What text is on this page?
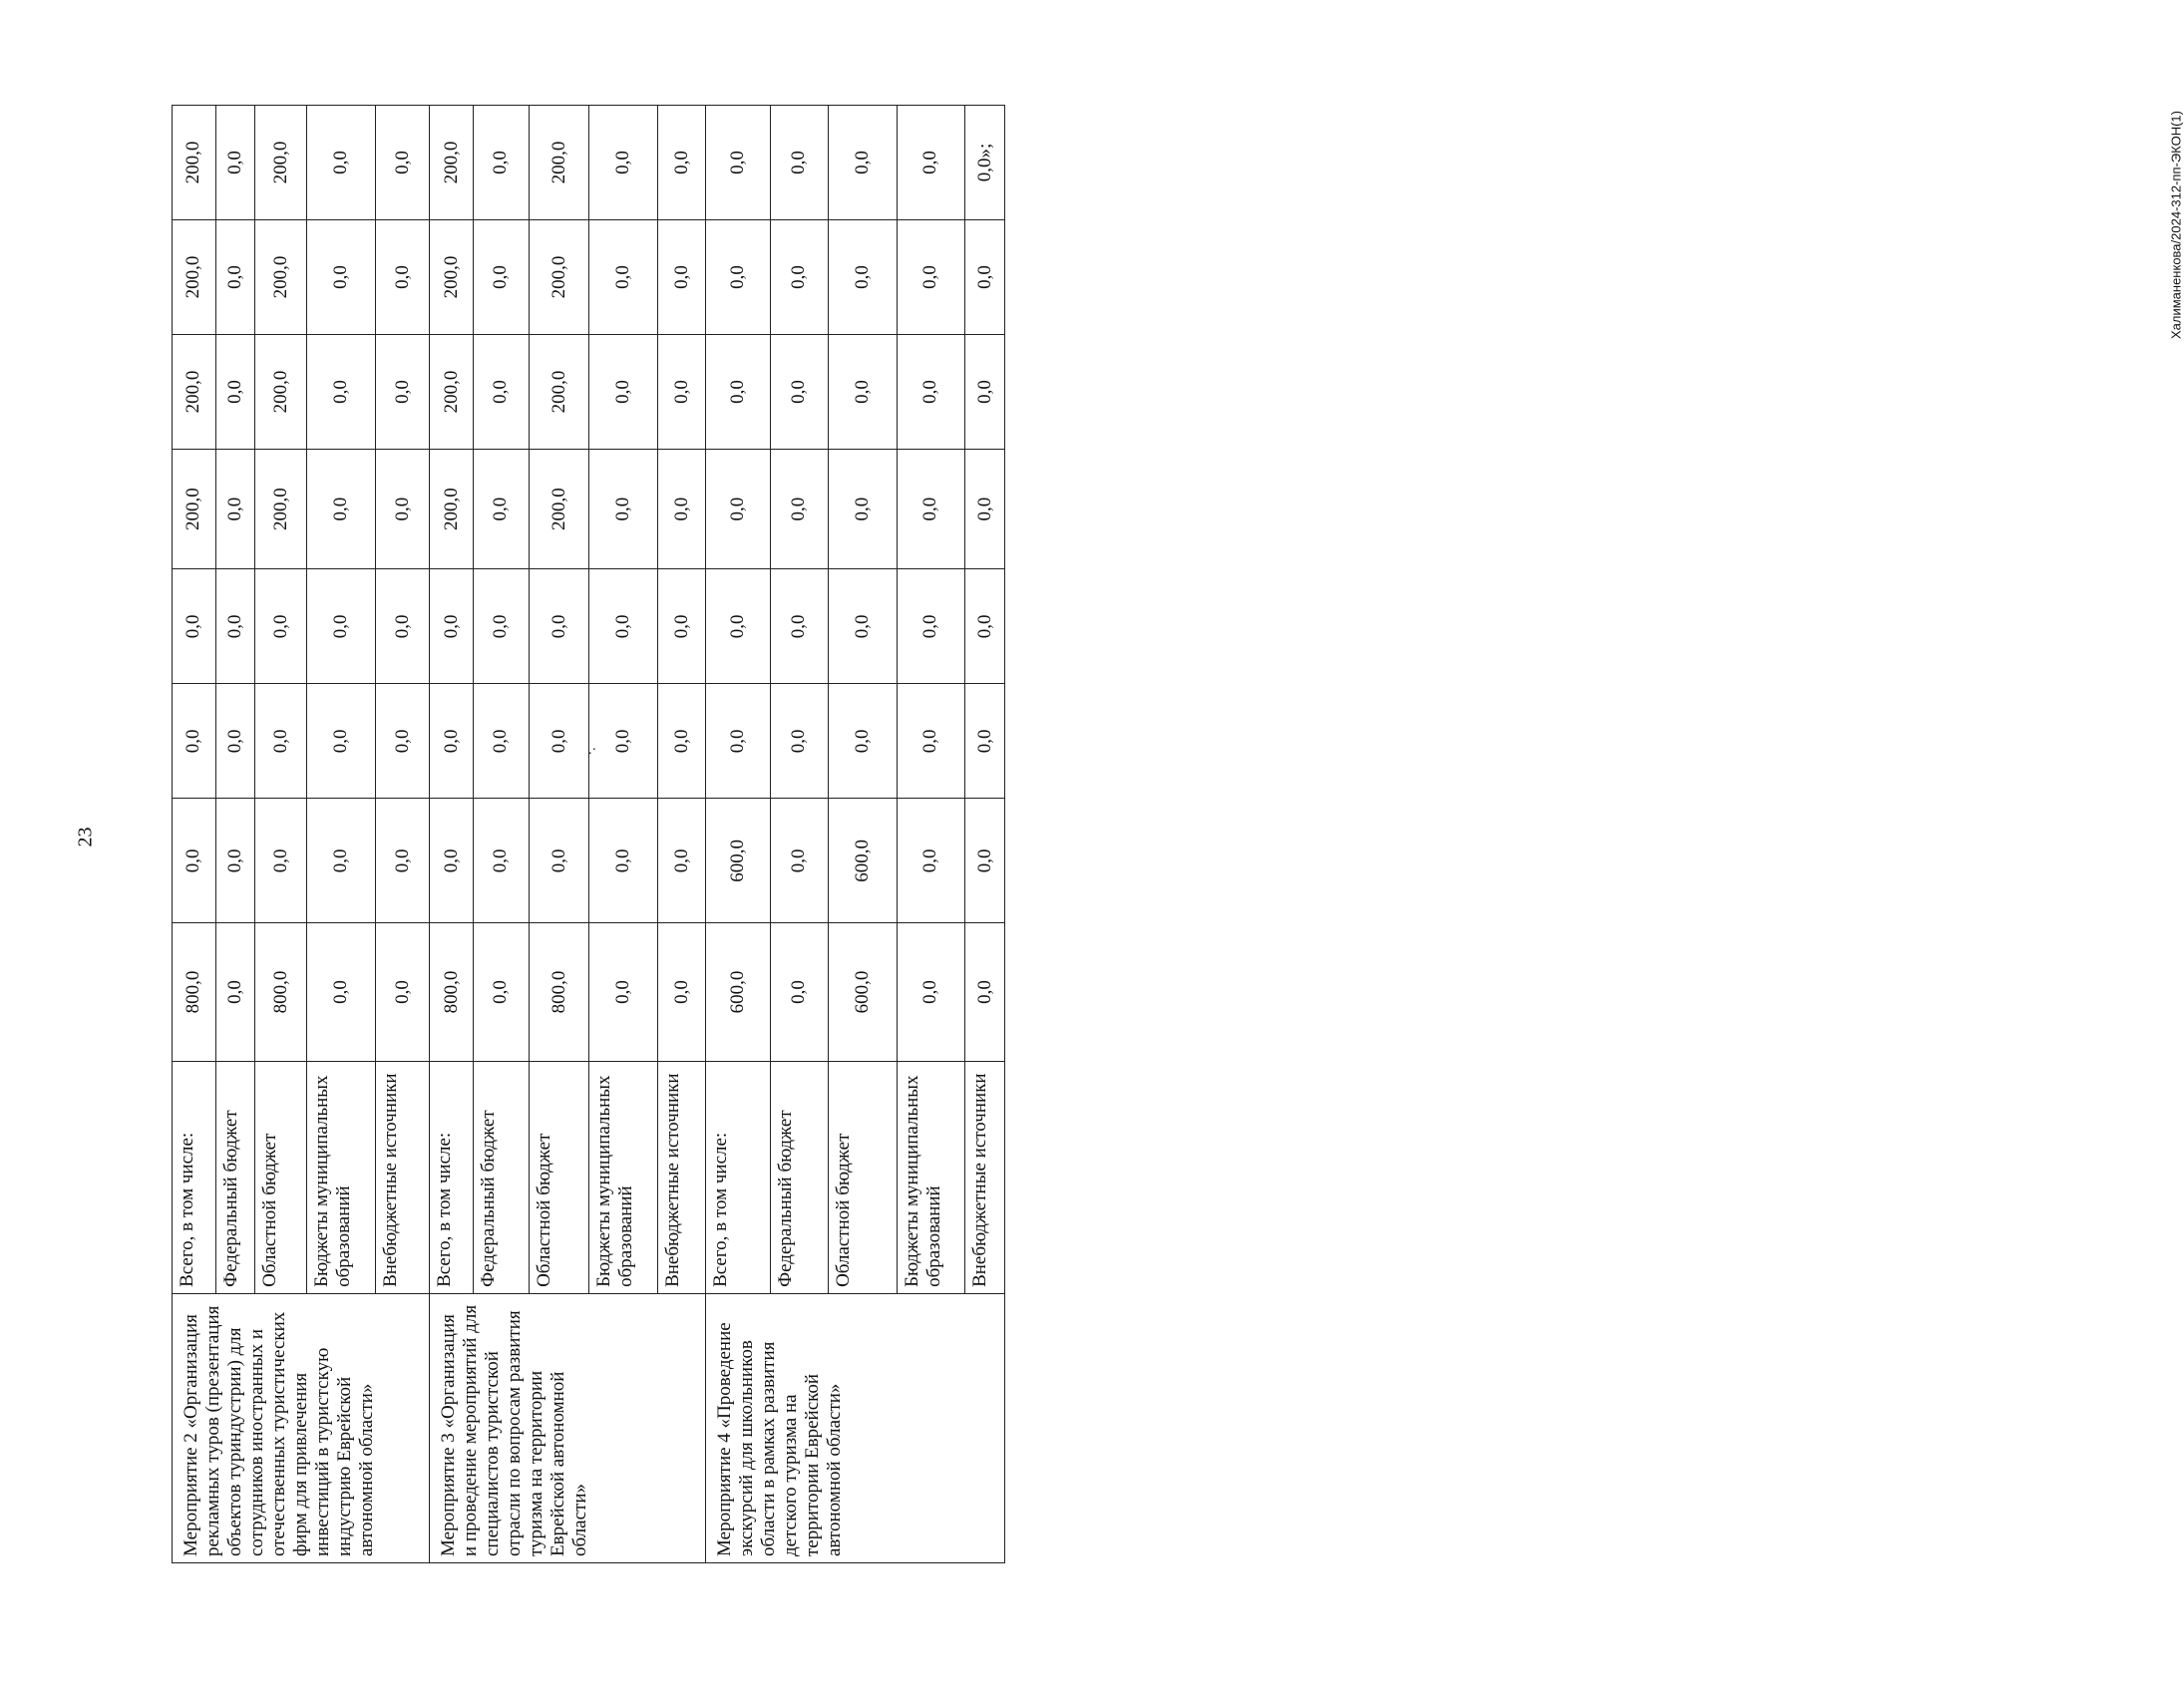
23
Халиманенкова/2024-312-пп-ЭКОН(1)
.·
Мероприятие 2 «Организация рекламных туров (презентация объектов туриндустрии) для сотрудников иностранных и отечественных туристических фирм для привлечения инвестиций в туристскую индустрию Еврейской автономной области»	Всего, в том числе:	800,0	0,0	0,0	0,0	200,0	200,0	200,0	200,0
	Федеральный бюджет	0,0	0,0	0,0	0,0	0,0	0,0	0,0	0,0
	Областной бюджет	800,0	0,0	0,0	0,0	200,0	200,0	200,0	200,0
	Бюджеты муниципальных образований	0,0	0,0	0,0	0,0	0,0	0,0	0,0	0,0
	Внебюджетные источники	0,0	0,0	0,0	0,0	0,0	0,0	0,0	0,0
Мероприятие 3 «Организация и проведение мероприятий для специалистов туристской отрасли по вопросам развития туризма на территории Еврейской автономной области»	Всего, в том числе:	800,0	0,0	0,0	0,0	200,0	200,0	200,0	200,0
	Федеральный бюджет	0,0	0,0	0,0	0,0	0,0	0,0	0,0	0,0
	Областной бюджет	800,0	0,0	0,0	0,0	200,0	200,0	200,0	200,0
	Бюджеты муниципальных образований	0,0	0,0	0,0	0,0	0,0	0,0	0,0	0,0
	Внебюджетные источники	0,0	0,0	0,0	0,0	0,0	0,0	0,0	0,0
Мероприятие 4 «Проведение экскурсий для школьников области в рамках развития детского туризма на территории Еврейской автономной области»	Всего, в том числе:	600,0	600,0	0,0	0,0	0,0	0,0	0,0	0,0
	Федеральный бюджет	0,0	0,0	0,0	0,0	0,0	0,0	0,0	0,0
	Областной бюджет	600,0	600,0	0,0	0,0	0,0	0,0	0,0	0,0
	Бюджеты муниципальных образований	0,0	0,0	0,0	0,0	0,0	0,0	0,0	0,0
	Внебюджетные источники	0,0	0,0	0,0	0,0	0,0	0,0	0,0	0,0»;
